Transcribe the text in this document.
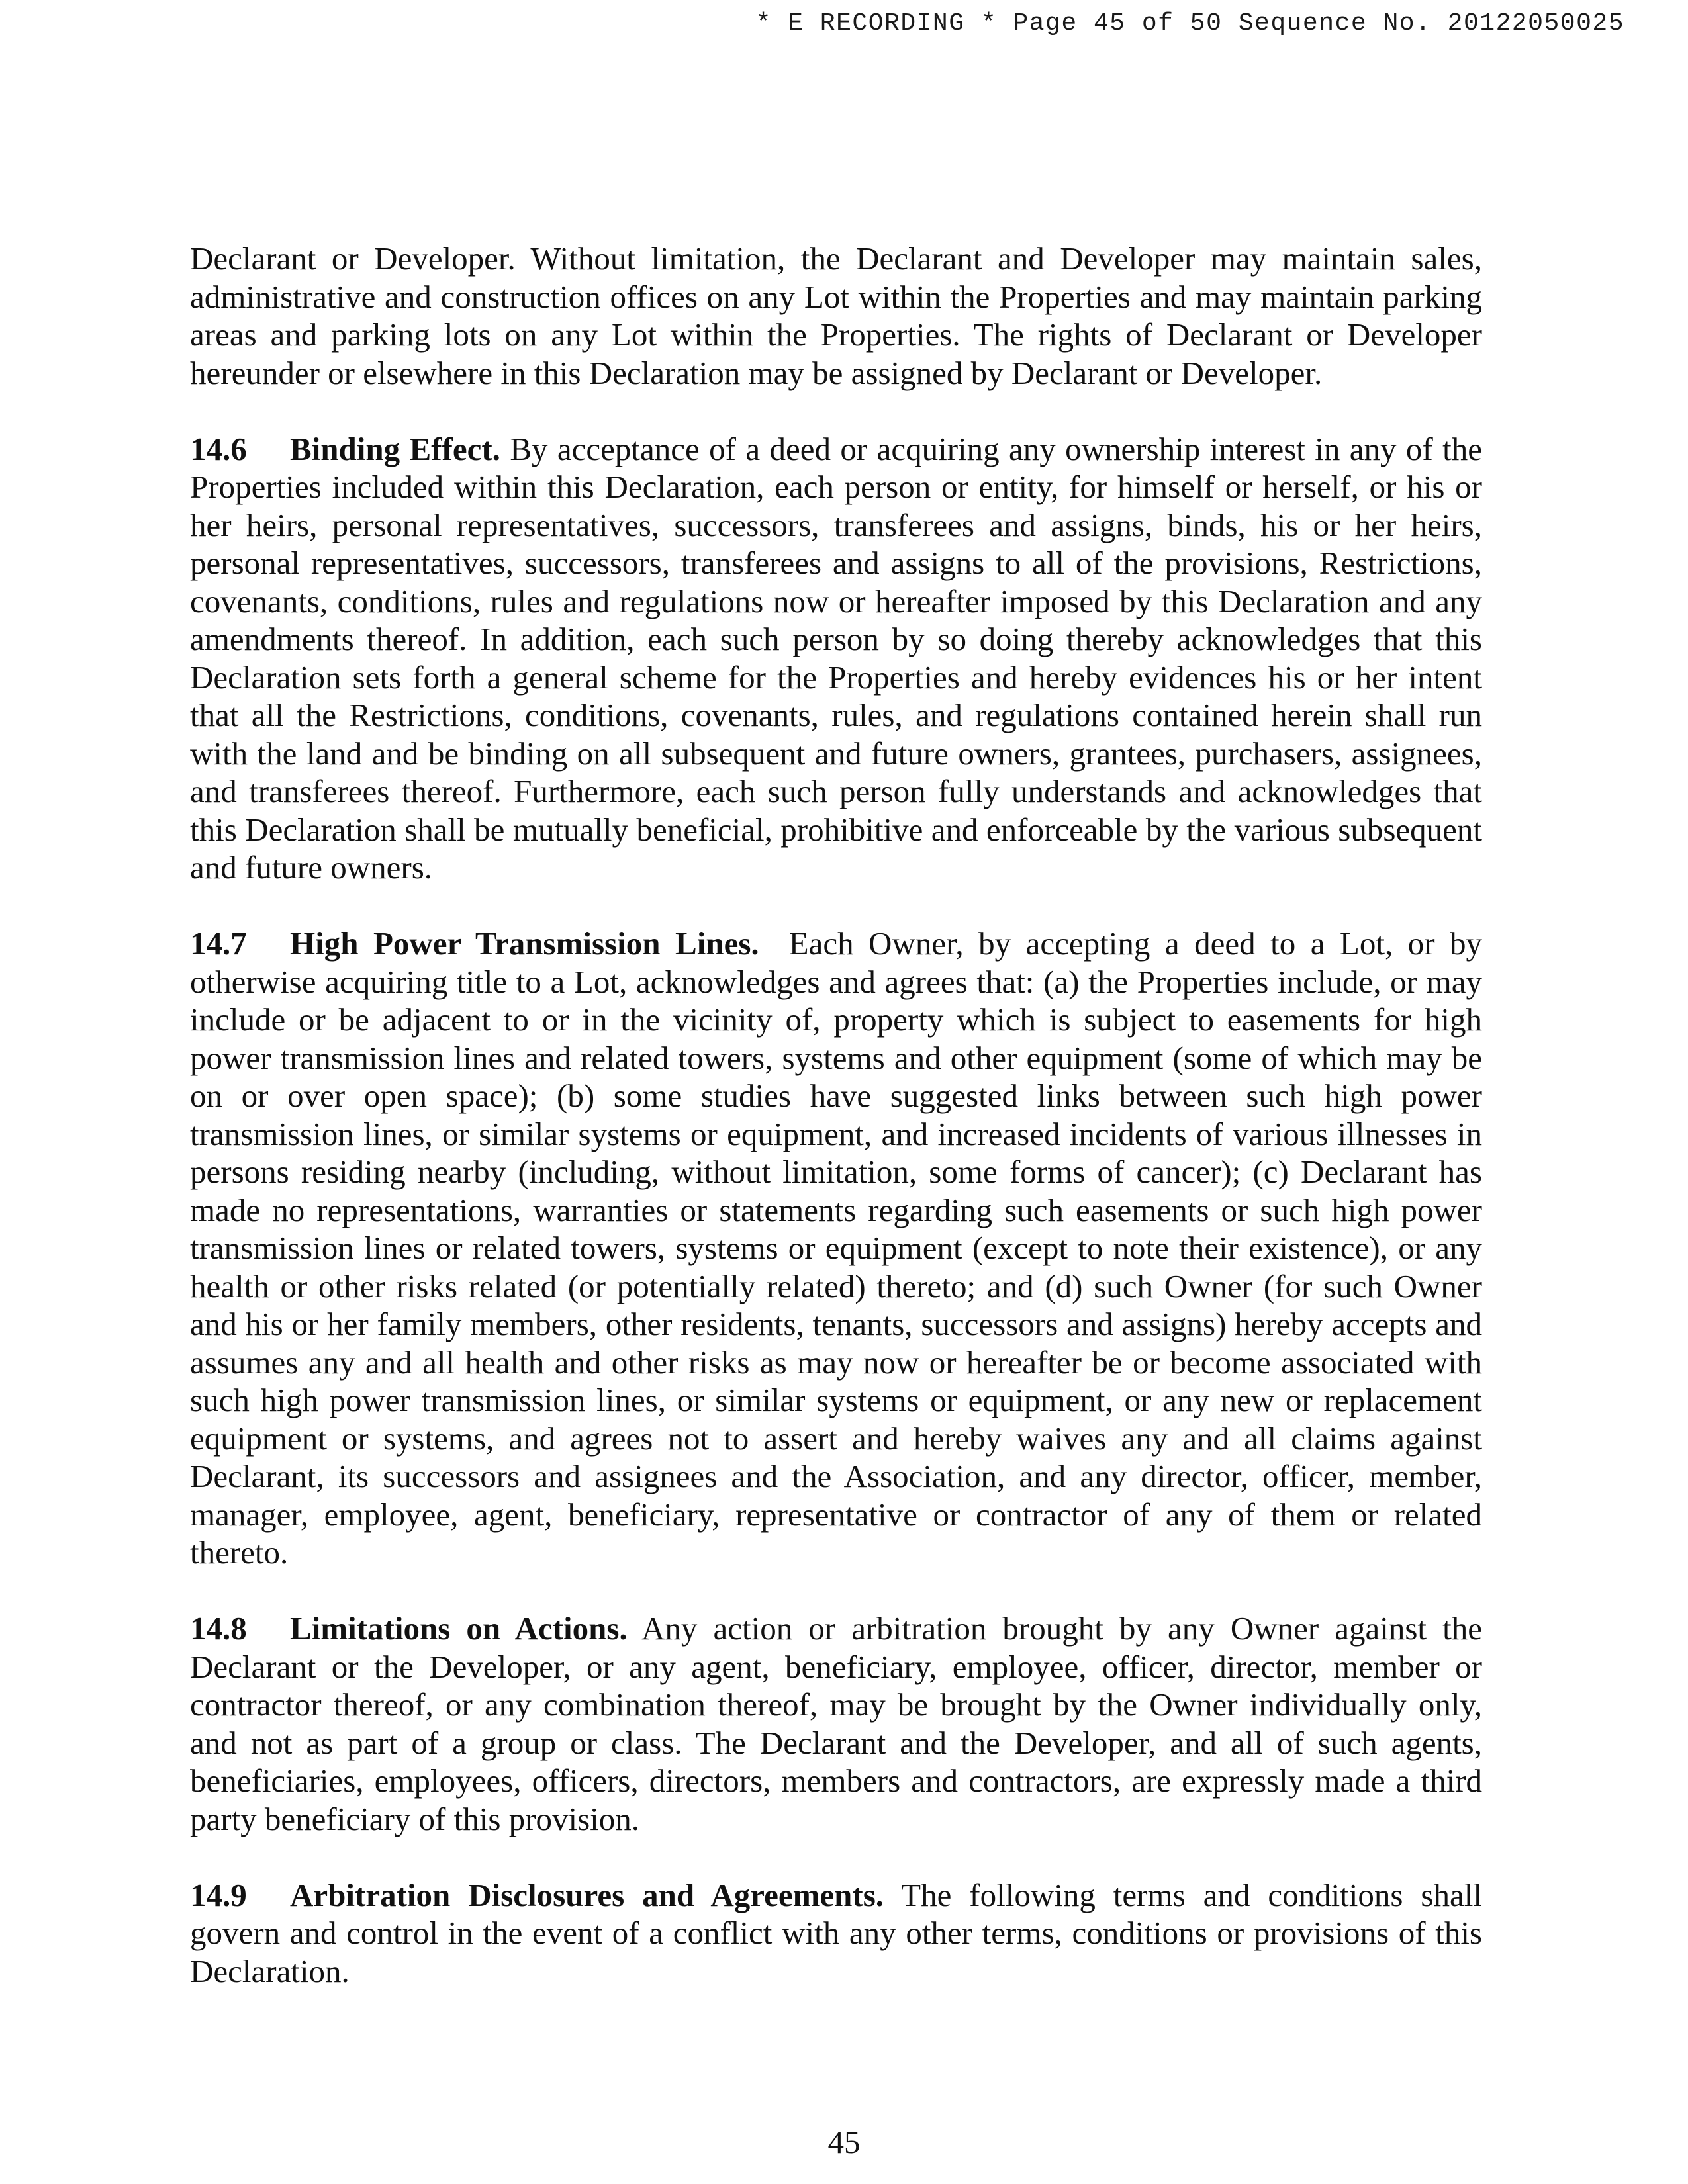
* E RECORDING * Page 45 of 50 Sequence No. 20122050025

Declarant or Developer. Without limitation, the Declarant and Developer may maintain sales, administrative and construction offices on any Lot within the Properties and may maintain parking areas and parking lots on any Lot within the Properties. The rights of Declarant or Developer hereunder or elsewhere in this Declaration may be assigned by Declarant or Developer.

14.6 Binding Effect. By acceptance of a deed or acquiring any ownership interest in any of the Properties included within this Declaration, each person or entity, for himself or herself, or his or her heirs, personal representatives, successors, transferees and assigns, binds, his or her heirs, personal representatives, successors, transferees and assigns to all of the provisions, Restrictions, covenants, conditions, rules and regulations now or hereafter imposed by this Declaration and any amendments thereof. In addition, each such person by so doing thereby acknowledges that this Declaration sets forth a general scheme for the Properties and hereby evidences his or her intent that all the Restrictions, conditions, covenants, rules, and regulations contained herein shall run with the land and be binding on all subsequent and future owners, grantees, purchasers, assignees, and transferees thereof. Furthermore, each such person fully understands and acknowledges that this Declaration shall be mutually beneficial, prohibitive and enforceable by the various subsequent and future owners.

14.7 High Power Transmission Lines. Each Owner, by accepting a deed to a Lot, or by otherwise acquiring title to a Lot, acknowledges and agrees that: (a) the Properties include, or may include or be adjacent to or in the vicinity of, property which is subject to easements for high power transmission lines and related towers, systems and other equipment (some of which may be on or over open space); (b) some studies have suggested links between such high power transmission lines, or similar systems or equipment, and increased incidents of various illnesses in persons residing nearby (including, without limitation, some forms of cancer); (c) Declarant has made no representations, warranties or statements regarding such easements or such high power transmission lines or related towers, systems or equipment (except to note their existence), or any health or other risks related (or potentially related) thereto; and (d) such Owner (for such Owner and his or her family members, other residents, tenants, successors and assigns) hereby accepts and assumes any and all health and other risks as may now or hereafter be or become associated with such high power transmission lines, or similar systems or equipment, or any new or replacement equipment or systems, and agrees not to assert and hereby waives any and all claims against Declarant, its successors and assignees and the Association, and any director, officer, member, manager, employee, agent, beneficiary, representative or contractor of any of them or related thereto.

14.8 Limitations on Actions. Any action or arbitration brought by any Owner against the Declarant or the Developer, or any agent, beneficiary, employee, officer, director, member or contractor thereof, or any combination thereof, may be brought by the Owner individually only, and not as part of a group or class. The Declarant and the Developer, and all of such agents, beneficiaries, employees, officers, directors, members and contractors, are expressly made a third party beneficiary of this provision.

14.9 Arbitration Disclosures and Agreements. The following terms and conditions shall govern and control in the event of a conflict with any other terms, conditions or provisions of this Declaration.

45
